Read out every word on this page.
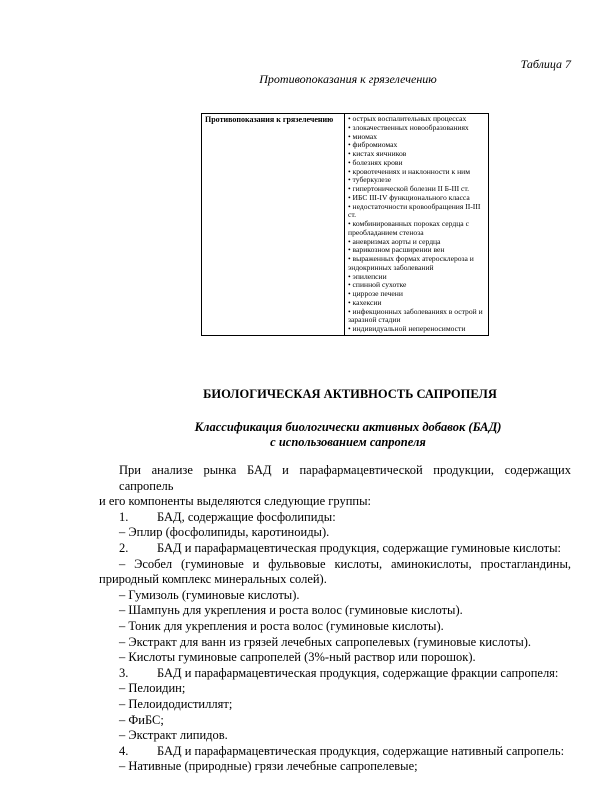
Таблица 7
Противопоказания к грязелечению
Противопоказания к грязелечению	• острых воспалительных процессах
• злокачественных новообразованиях
• миомах
• фибромиомах
• кистах яичников
• болезнях крови
• кровотечениях и наклонности к ним
• туберкулезе
• гипертонической болезни II Б-III ст.
• ИБС III-IV функционального класса
• недостаточности кровообращения II-III ст.
• комбинированных пороках сердца с преобладанием стеноза
• аневризмах аорты и сердца
• варикозном расширении вен
• выраженных формах атеросклероза и эндокринных заболеваний
• эпилепсии
• спинной сухотке
• циррозе печени
• кахексии
• инфекционных заболеваниях в острой и заразной стадии
• индивидуальной непереносимости
БИОЛОГИЧЕСКАЯ АКТИВНОСТЬ САПРОПЕЛЯ
Классификация биологически активных добавок (БАД)
с использованием сапропеля
При анализе рынка БАД и парафармацевтической продукции, содержащих сапропель
и его компоненты выделяются следующие группы:
1. БАД, содержащие фосфолипиды:
– Эплир (фосфолипиды, каротиноиды).
2. БАД и парафармацевтическая продукция, содержащие гуминовые кислоты:
– Эсобел (гуминовые и фульвовые кислоты, аминокислоты, простагландины,
природный комплекс минеральных солей).
– Гумизоль (гуминовые кислоты).
– Шампунь для укрепления и роста волос (гуминовые кислоты).
– Тоник для укрепления и роста волос (гуминовые кислоты).
– Экстракт для ванн из грязей лечебных сапропелевых (гуминовые кислоты).
– Кислоты гуминовые сапропелей (3%-ный раствор или порошок).
3. БАД и парафармацевтическая продукция, содержащие фракции сапропеля:
– Пелоидин;
– Пелоидодистиллят;
– ФиБС;
– Экстракт липидов.
4. БАД и парафармацевтическая продукция, содержащие нативный сапропель:
– Нативные (природные) грязи лечебные сапропелевые;
